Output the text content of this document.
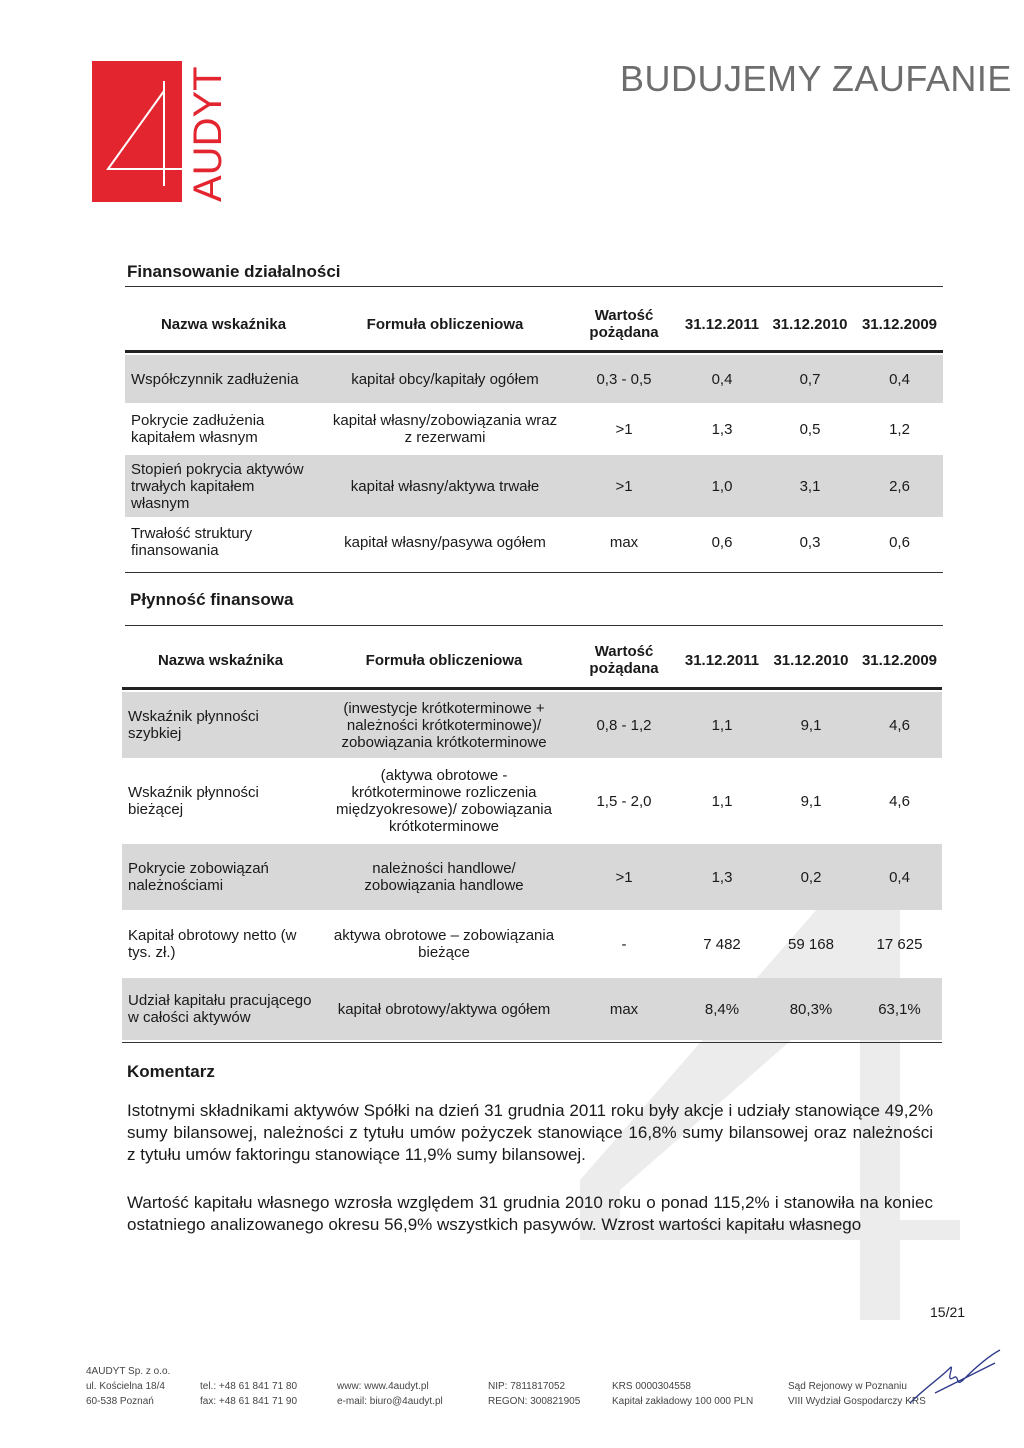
AUDYT	BUDUJEMY ZAUFANIE
Finansowanie działalności
Nazwa wskaźnika	Formuła obliczeniowa	Wartość pożądana	31.12.2011	31.12.2010	31.12.2009
Współczynnik zadłużenia	kapitał obcy/kapitały ogółem	0,3 - 0,5	0,4	0,7	0,4
Pokrycie zadłużenia kapitałem własnym	kapitał własny/zobowiązania wraz z rezerwami	>1	1,3	0,5	1,2
Stopień pokrycia aktywów trwałych kapitałem własnym	kapitał własny/aktywa trwałe	>1	1,0	3,1	2,6
Trwałość struktury finansowania	kapitał własny/pasywa ogółem	max	0,6	0,3	0,6
Płynność finansowa
Nazwa wskaźnika	Formuła obliczeniowa	Wartość pożądana	31.12.2011	31.12.2010	31.12.2009
Wskaźnik płynności szybkiej	(inwestycje krótkoterminowe + należności krótkoterminowe)/ zobowiązania krótkoterminowe	0,8 - 1,2	1,1	9,1	4,6
Wskaźnik płynności bieżącej	(aktywa obrotowe - krótkoterminowe rozliczenia międzyokresowe)/ zobowiązania krótkoterminowe	1,5 - 2,0	1,1	9,1	4,6
Pokrycie zobowiązań należnościami	należności handlowe/ zobowiązania handlowe	>1	1,3	0,2	0,4
Kapitał obrotowy netto (w tys. zł.)	aktywa obrotowe – zobowiązania bieżące	-	7 482	59 168	17 625
Udział kapitału pracującego w całości aktywów	kapitał obrotowy/aktywa ogółem	max	8,4%	80,3%	63,1%
Komentarz
Istotnymi składnikami aktywów Spółki na dzień 31 grudnia 2011 roku były akcje i udziały stanowiące 49,2% sumy bilansowej, należności z tytułu umów pożyczek stanowiące 16,8% sumy bilansowej oraz należności z tytułu umów faktoringu stanowiące 11,9% sumy bilansowej.
Wartość kapitału własnego wzrosła względem 31 grudnia 2010 roku o ponad 115,2% i stanowiła na koniec ostatniego analizowanego okresu 56,9% wszystkich pasywów. Wzrost wartości kapitału własnego
15/21
4AUDYT Sp. z o.o.
ul. Kościelna 18/4
60-538 Poznań
tel.: +48 61 841 71 80
fax: +48 61 841 71 90
www: www.4audyt.pl
e-mail: biuro@4audyt.pl
NIP: 7811817052
REGON: 300821905
KRS 0000304558
Kapitał zakładowy 100 000 PLN
Sąd Rejonowy w Poznaniu
VIII Wydział Gospodarczy KRS
